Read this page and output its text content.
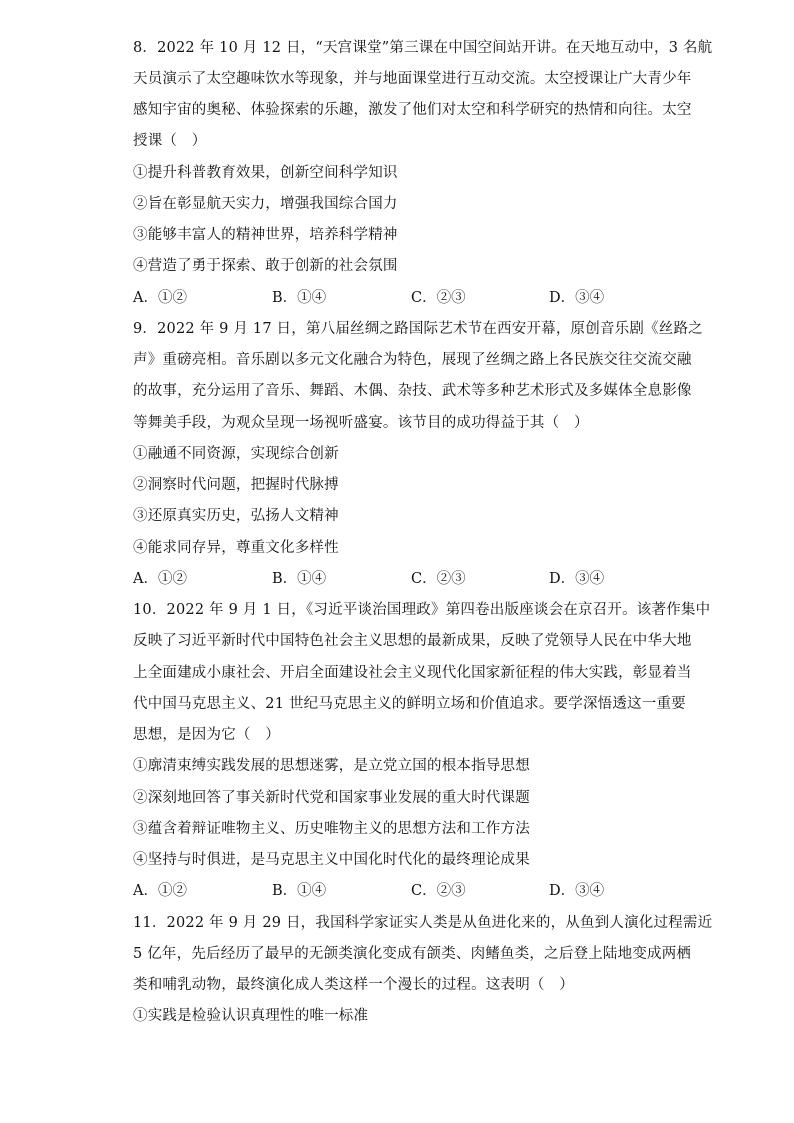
8．2022 年 10 月 12 日，“天宫课堂”第三课在中国空间站开讲。在天地互动中，3 名航
天员演示了太空趣味饮水等现象，并与地面课堂进行互动交流。太空授课让广大青少年
感知宇宙的奥秘、体验探索的乐趣，激发了他们对太空和科学研究的热情和向往。太空
授课（　）
①提升科普教育效果，创新空间科学知识
②旨在彰显航天实力，增强我国综合国力
③能够丰富人的精神世界，培养科学精神
④营造了勇于探索、敢于创新的社会氛围
A．①②	B．①④	C．②③	D．③④
9．2022 年 9 月 17 日，第八届丝绸之路国际艺术节在西安开幕，原创音乐剧《丝路之
声》重磅亮相。音乐剧以多元文化融合为特色，展现了丝绸之路上各民族交往交流交融
的故事，充分运用了音乐、舞蹈、木偶、杂技、武术等多种艺术形式及多媒体全息影像
等舞美手段，为观众呈现一场视听盛宴。该节目的成功得益于其（　）
①融通不同资源，实现综合创新
②洞察时代问题，把握时代脉搏
③还原真实历史，弘扬人文精神
④能求同存异，尊重文化多样性
A．①②	B．①④	C．②③	D．③④
10．2022 年 9 月 1 日，《习近平谈治国理政》第四卷出版座谈会在京召开。该著作集中
反映了习近平新时代中国特色社会主义思想的最新成果，反映了党领导人民在中华大地
上全面建成小康社会、开启全面建设社会主义现代化国家新征程的伟大实践，彰显着当
代中国马克思主义、21 世纪马克思主义的鲜明立场和价值追求。要学深悟透这一重要
思想，是因为它（　）
①廓清束缚实践发展的思想迷雾，是立党立国的根本指导思想
②深刻地回答了事关新时代党和国家事业发展的重大时代课题
③蕴含着辩证唯物主义、历史唯物主义的思想方法和工作方法
④坚持与时俱进，是马克思主义中国化时代化的最终理论成果
A．①②	B．①④	C．②③	D．③④
11．2022 年 9 月 29 日，我国科学家证实人类是从鱼进化来的，从鱼到人演化过程需近
5 亿年，先后经历了最早的无颌类演化变成有颌类、肉鳍鱼类，之后登上陆地变成两栖
类和哺乳动物，最终演化成人类这样一个漫长的过程。这表明（　）
①实践是检验认识真理性的唯一标准
